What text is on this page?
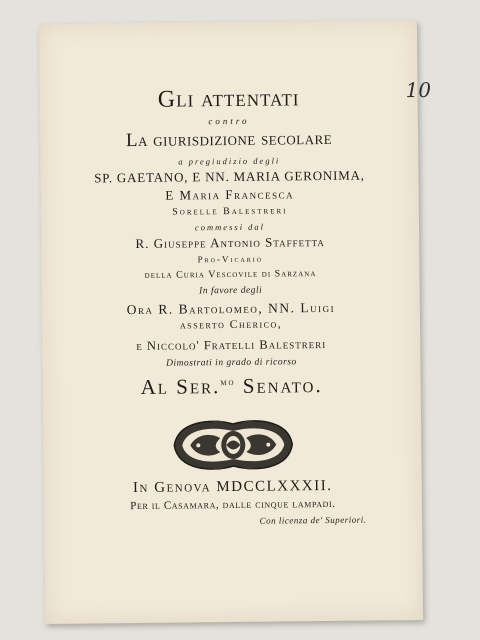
10
Gli attentati
contro
La giurisdizione secolare
a pregiudizio degli
SP. GAETANO, E NN. MARIA GERONIMA,
E Maria Francesca
Sorelle Balestreri
commessi dal
R. Giuseppe Antonio Staffetta
Pro-Vicario
della Curia Vescovile di Sarzana
In favore degli
Ora R. Bartolomeo, NN. Luigi
asserto Cherico,
e Niccolo' Fratelli Balestreri
Dimostrati in grado di ricorso
Al Ser.$^{mo}$ Senato.
In Genova MDCCLXXXII.
Per il Casamara, dalle cinque lampadi.
Con licenza de' Superiori.
